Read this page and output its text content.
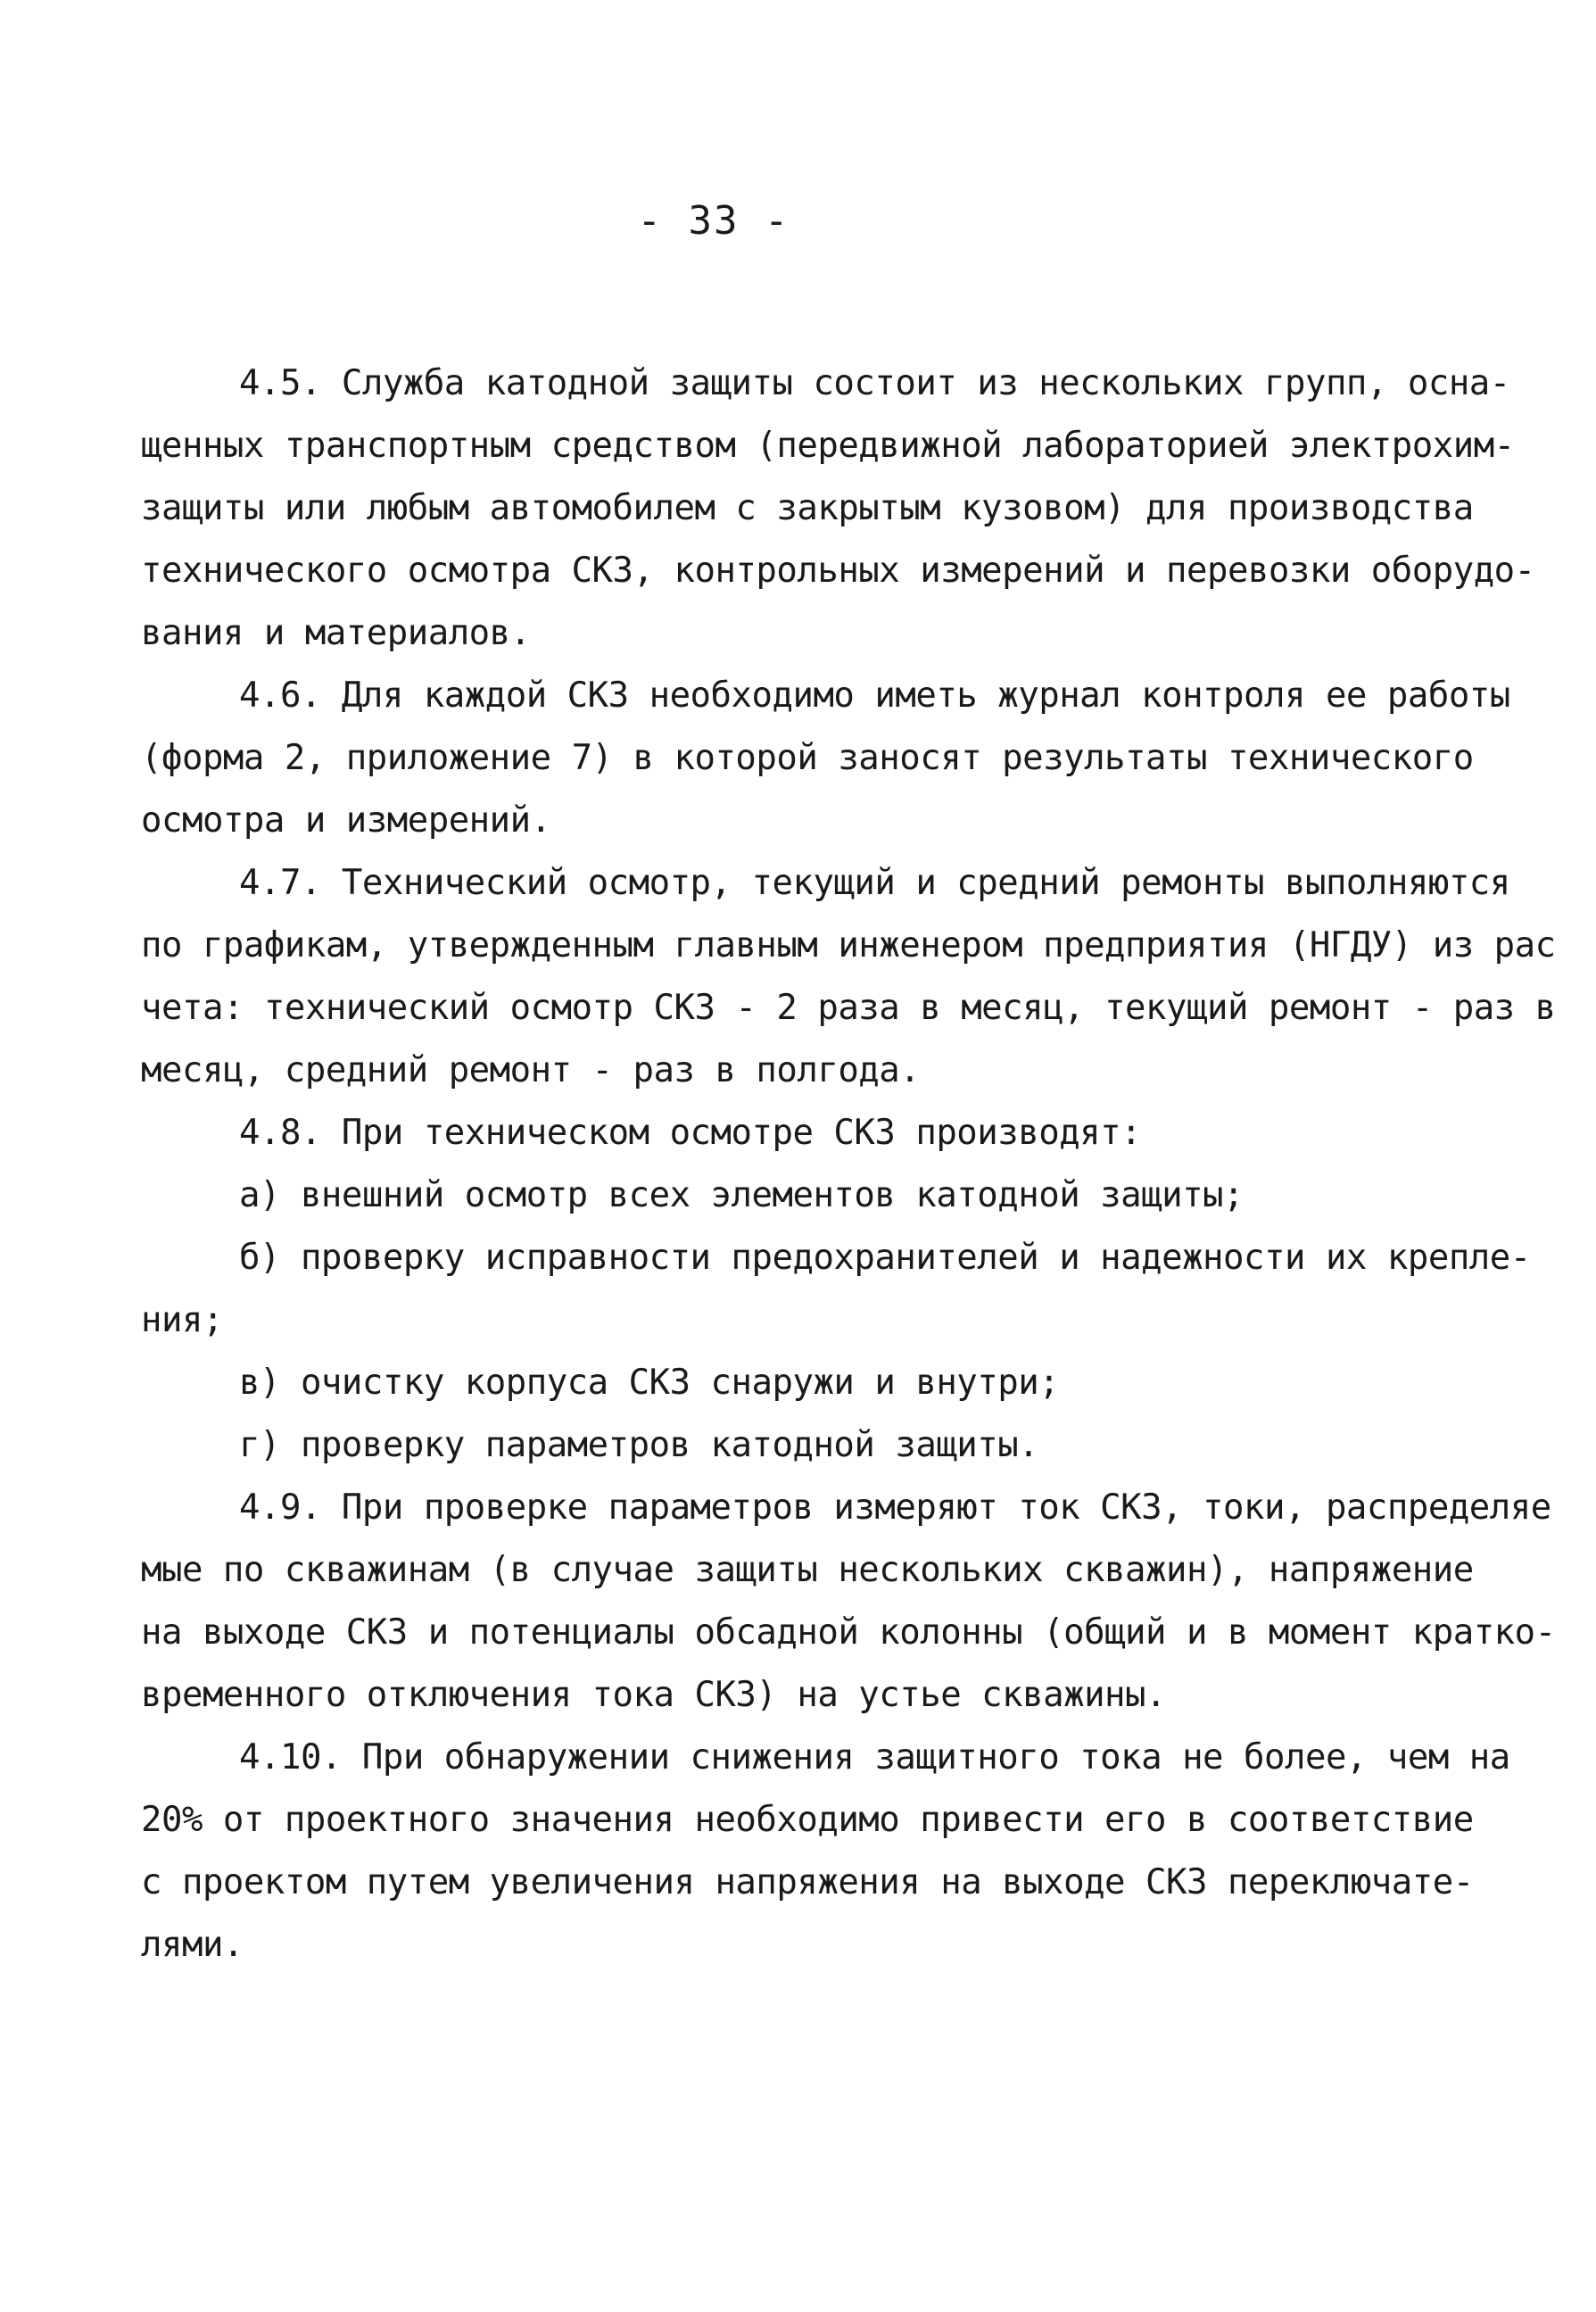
- 33 -
4.5. Служба катодной защиты состоит из нескольких групп, осна-
щенных транспортным средством (передвижной лабораторией электрохим-
защиты или любым автомобилем с закрытым кузовом) для производства
технического осмотра СКЗ, контрольных измерений и перевозки оборудо-
вания и материалов.
4.6. Для каждой СКЗ необходимо иметь журнал контроля ее работы
(форма 2, приложение 7) в которой заносят результаты технического
осмотра и измерений.
4.7. Технический осмотр, текущий и средний ремонты выполняются
по графикам, утвержденным главным инженером предприятия (НГДУ) из рас
чета: технический осмотр СКЗ - 2 раза в месяц, текущий ремонт - раз в
месяц, средний ремонт - раз в полгода.
4.8. При техническом осмотре СКЗ производят:
а) внешний осмотр всех элементов катодной защиты;
б) проверку исправности предохранителей и надежности их крепле-
ния;
в) очистку корпуса СКЗ снаружи и внутри;
г) проверку параметров катодной защиты.
4.9. При проверке параметров измеряют ток СКЗ, токи, распределяе
мые по скважинам (в случае защиты нескольких скважин), напряжение
на выходе СКЗ и потенциалы обсадной колонны (общий и в момент кратко-
временного отключения тока СКЗ) на устье скважины.
4.10. При обнаружении снижения защитного тока не более, чем на
20% от проектного значения необходимо привести его в соответствие
с проектом путем увеличения напряжения на выходе СКЗ переключате-
лями.
